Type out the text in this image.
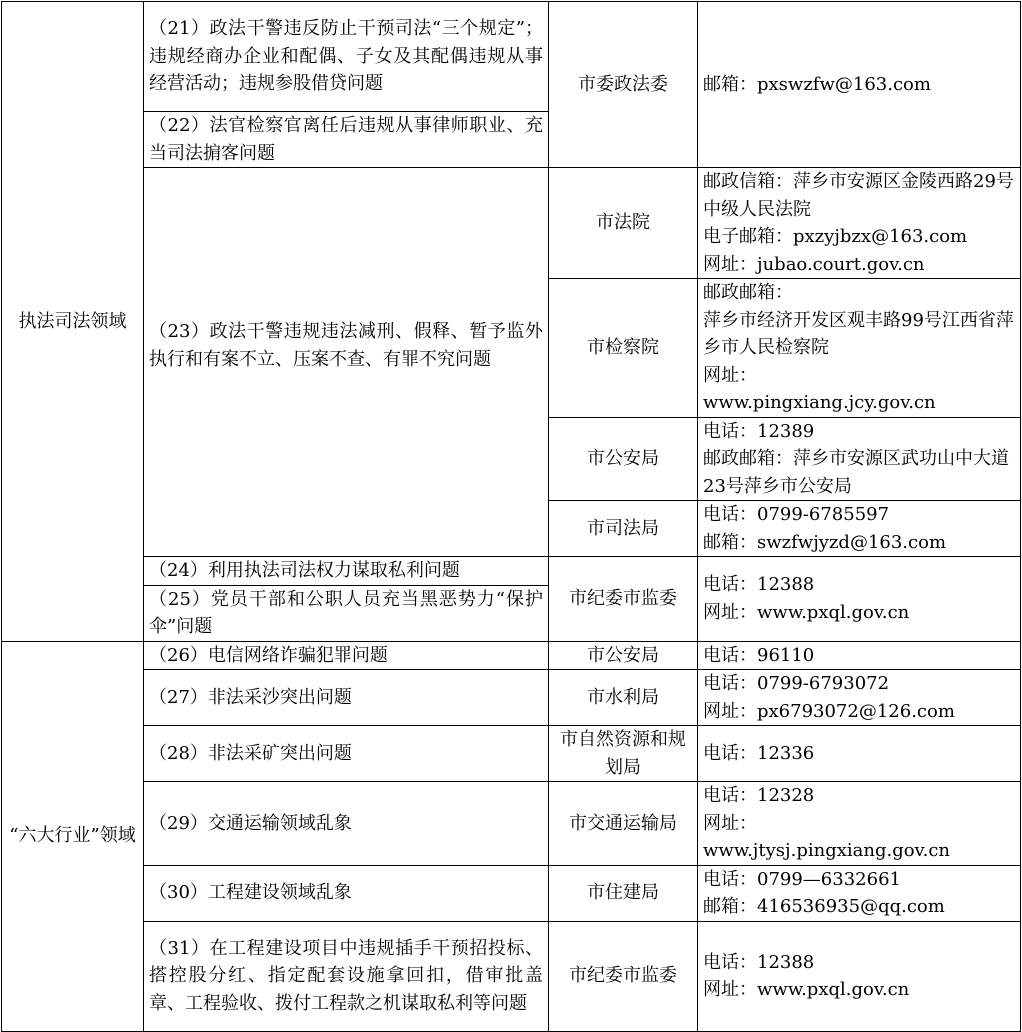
执法司法领域	（21）政法干警违反防止干预司法“三个规定”；违规经商办企业和配偶、子女及其配偶违规从事经营活动；违规参股借贷问题	市委政法委	邮箱：pxswzfw@163.com

	（22）法官检察官离任后违规从事律师职业、充当司法掮客问题		
	（23）政法干警违规违法减刑、假释、暂予监外执行和有案不立、压案不查、有罪不究问题	市法院	邮政信箱：萍乡市安源区金陵西路29号中级人民法院
电子邮箱：pxzyjbzx@163.com
网址：jubao.court.gov.cn

		市检察院	邮政邮箱：
萍乡市经济开发区观丰路99号江西省萍乡市人民检察院
网址：
www.pingxiang.jcy.gov.cn

		市公安局	电话：12389
邮政邮箱：萍乡市安源区武功山中大道23号萍乡市公安局

		市司法局	电话：0799-6785597
邮箱：swzfwjyzd@163.com

	（24）利用执法司法权力谋取私利问题	市纪委市监委	电话：12388
网址：www.pxql.gov.cn

	（25）党员干部和公职人员充当黑恶势力“保护伞”问题		

“六大行业”领域	（26）电信网络诈骗犯罪问题	市公安局	电话：96110

	（27）非法采沙突出问题	市水利局	电话：0799-6793072
网址：px6793072@126.com

	（28）非法采矿突出问题	市自然资源和规划局	电话：12336

	（29）交通运输领域乱象	市交通运输局	电话：12328
网址：
www.jtysj.pingxiang.gov.cn

	（30）工程建设领域乱象	市住建局	电话：0799—6332661
邮箱：416536935@qq.com

	（31）在工程建设项目中违规插手干预招投标、搭控股分红、指定配套设施拿回扣，借审批盖章、工程验收、拨付工程款之机谋取私利等问题	市纪委市监委	电话：12388
网址：www.pxql.gov.cn
